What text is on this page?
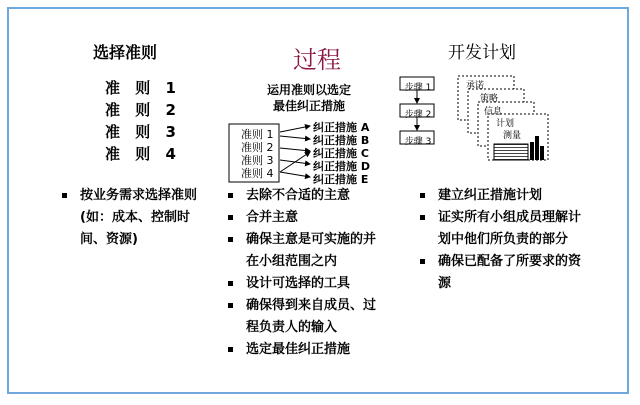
选择准则
准 则 1
准 则 2
准 则 3
准 则 4
按业务需求选择准则(如：成本、控制时间、资源)
过程
运用准则以选定
最佳纠正措施
准则 1
准则 2
准则 3
准则 4
纠正措施 A
纠正措施 B
纠正措施 C
纠正措施 D
纠正措施 E
去除不合适的主意
合并主意
确保主意是可实施的并在小组范围之内
设计可选择的工具
确保得到来自成员、过程负责人的输入
选定最佳纠正措施
开发计划
步骤 1
步骤 2
步骤 3
承诺
策略
信息
计划
测量
建立纠正措施计划
证实所有小组成员理解计划中他们所负责的部分
确保已配备了所要求的资源
